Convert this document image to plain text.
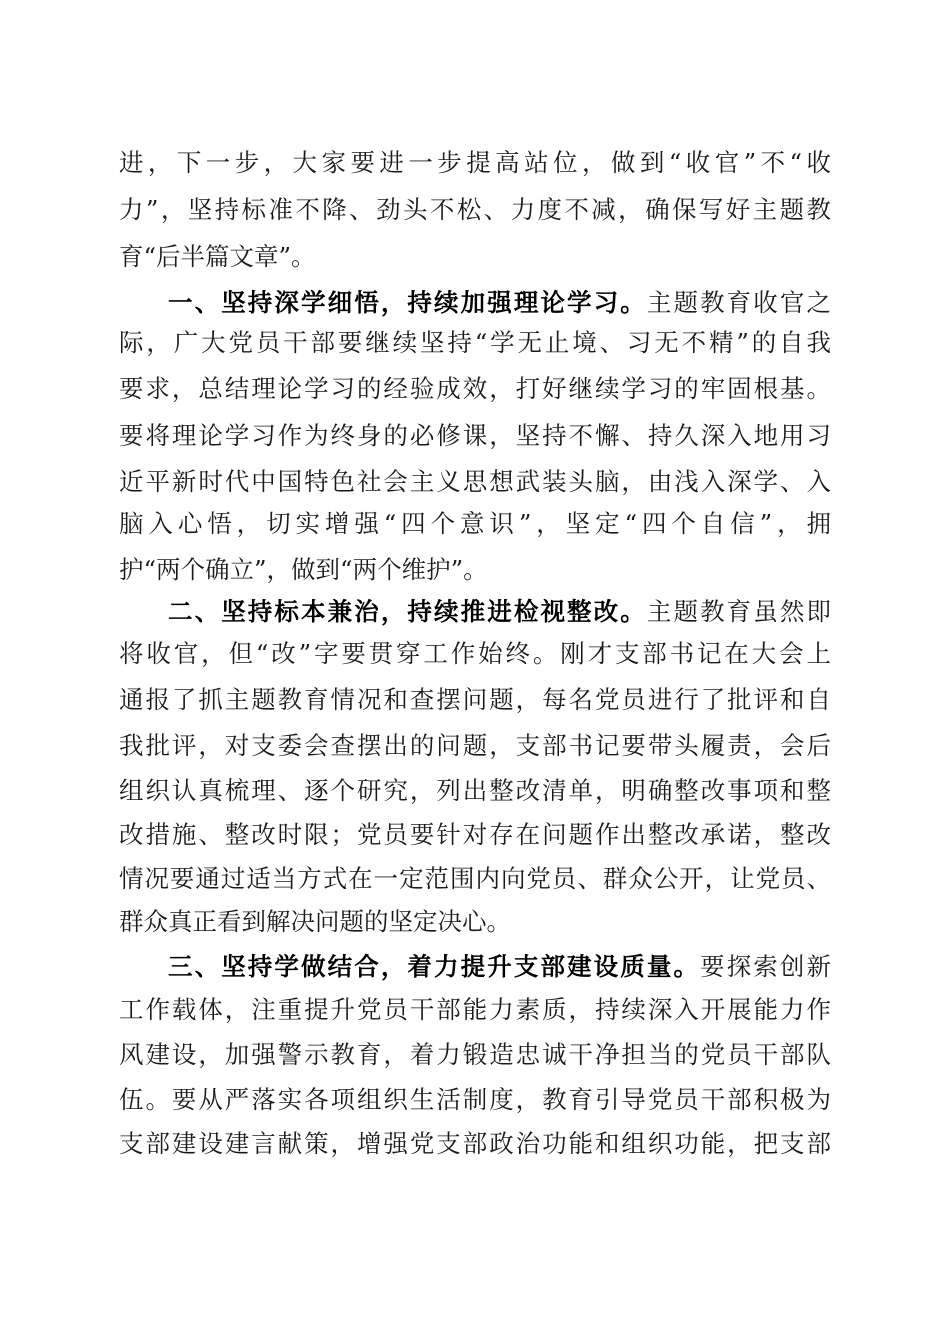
进，下一步，大家要进一步提高站位，做到“收官”不“收
力”，坚持标准不降、劲头不松、力度不减，确保写好主题教
育“后半篇文章”。
一、坚持深学细悟，持续加强理论学习。主题教育收官之
际，广大党员干部要继续坚持“学无止境、习无不精”的自我
要求，总结理论学习的经验成效，打好继续学习的牢固根基。
要将理论学习作为终身的必修课，坚持不懈、持久深入地用习
近平新时代中国特色社会主义思想武装头脑，由浅入深学、入
脑入心悟，切实增强“四个意识”，坚定“四个自信”，拥
护“两个确立”，做到“两个维护”。
二、坚持标本兼治，持续推进检视整改。主题教育虽然即
将收官，但“改”字要贯穿工作始终。刚才支部书记在大会上
通报了抓主题教育情况和查摆问题，每名党员进行了批评和自
我批评，对支委会查摆出的问题，支部书记要带头履责，会后
组织认真梳理、逐个研究，列出整改清单，明确整改事项和整
改措施、整改时限；党员要针对存在问题作出整改承诺，整改
情况要通过适当方式在一定范围内向党员、群众公开，让党员、
群众真正看到解决问题的坚定决心。
三、坚持学做结合，着力提升支部建设质量。要探索创新
工作载体，注重提升党员干部能力素质，持续深入开展能力作
风建设，加强警示教育，着力锻造忠诚干净担当的党员干部队
伍。要从严落实各项组织生活制度，教育引导党员干部积极为
支部建设建言献策，增强党支部政治功能和组织功能，把支部
